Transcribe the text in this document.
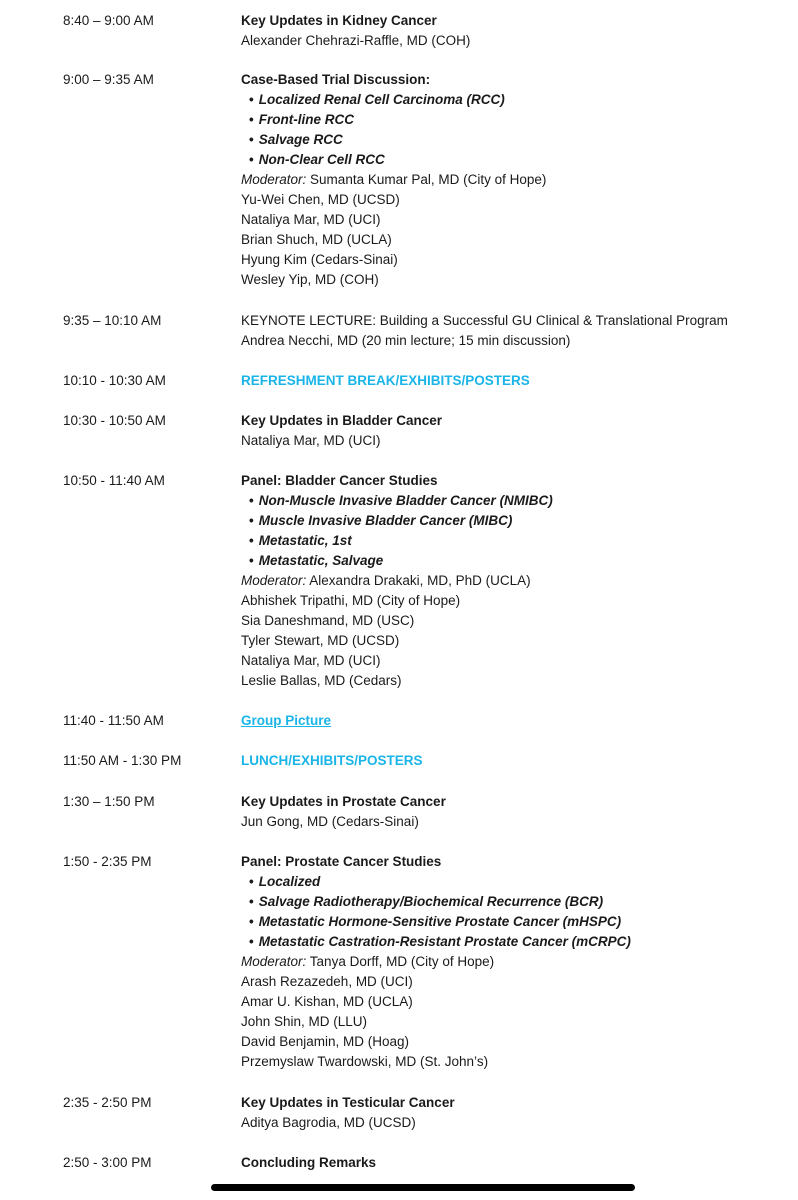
8:40 – 9:00 AM	Key Updates in Kidney Cancer
Alexander Chehrazi-Raffle, MD (COH)
9:00 – 9:35 AM	Case-Based Trial Discussion:
• Localized Renal Cell Carcinoma (RCC)
• Front-line RCC
• Salvage RCC
• Non-Clear Cell RCC
Moderator: Sumanta Kumar Pal, MD (City of Hope)
Yu-Wei Chen, MD (UCSD)
Nataliya Mar, MD (UCI)
Brian Shuch, MD (UCLA)
Hyung Kim (Cedars-Sinai)
Wesley Yip, MD (COH)
9:35 – 10:10 AM	KEYNOTE LECTURE: Building a Successful GU Clinical & Translational Program
Andrea Necchi, MD (20 min lecture; 15 min discussion)
10:10 - 10:30 AM	REFRESHMENT BREAK/EXHIBITS/POSTERS
10:30 - 10:50 AM	Key Updates in Bladder Cancer
Nataliya Mar, MD (UCI)
10:50 - 11:40 AM	Panel: Bladder Cancer Studies
• Non-Muscle Invasive Bladder Cancer (NMIBC)
• Muscle Invasive Bladder Cancer (MIBC)
• Metastatic, 1st
• Metastatic, Salvage
Moderator: Alexandra Drakaki, MD, PhD (UCLA)
Abhishek Tripathi, MD (City of Hope)
Sia Daneshmand, MD (USC)
Tyler Stewart, MD (UCSD)
Nataliya Mar, MD (UCI)
Leslie Ballas, MD (Cedars)
11:40 - 11:50 AM	Group Picture
11:50 AM - 1:30 PM	LUNCH/EXHIBITS/POSTERS
1:30 – 1:50 PM	Key Updates in Prostate Cancer
Jun Gong, MD (Cedars-Sinai)
1:50 - 2:35 PM	Panel: Prostate Cancer Studies
• Localized
• Salvage Radiotherapy/Biochemical Recurrence (BCR)
• Metastatic Hormone-Sensitive Prostate Cancer (mHSPC)
• Metastatic Castration-Resistant Prostate Cancer (mCRPC)
Moderator: Tanya Dorff, MD (City of Hope)
Arash Rezazedeh, MD (UCI)
Amar U. Kishan, MD (UCLA)
John Shin, MD (LLU)
David Benjamin, MD (Hoag)
Przemyslaw Twardowski, MD (St. John’s)
2:35 - 2:50 PM	Key Updates in Testicular Cancer
Aditya Bagrodia, MD (UCSD)
2:50 - 3:00 PM	Concluding Remarks
